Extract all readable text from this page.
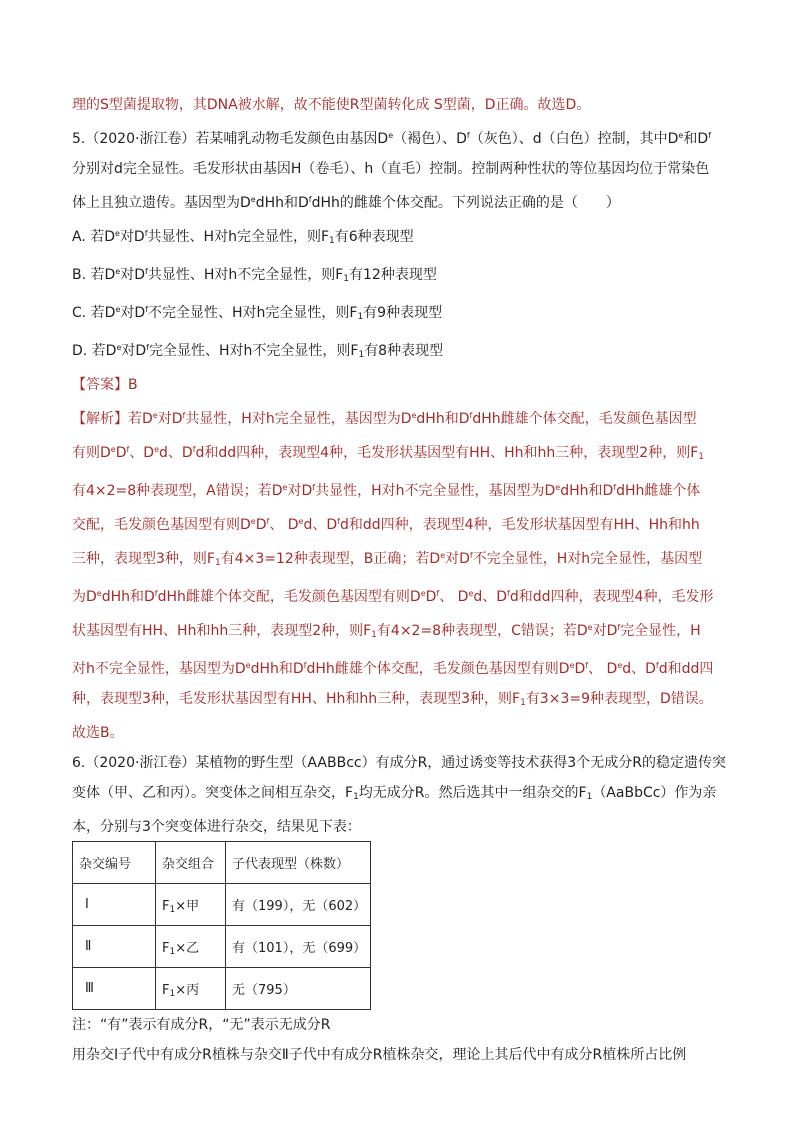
理的S型菌提取物，其DNA被水解，故不能使R型菌转化成 S型菌，D正确。故选D。
5.（2020·浙江卷）若某哺乳动物毛发颜色由基因De（褐色）、$D^f$（灰色）、d（白色）控制，其中De和$D^f$
分别对d完全显性。毛发形状由基因H（卷毛）、h（直毛）控制。控制两种性状的等位基因均位于常染色
体上且独立遗传。基因型为DedHh和$D^fdHh$的雌雄个体交配。下列说法正确的是（　　）
A. 若De对$D^f$共显性、H对h完全显性，则$F_1$有6种表现型
B. 若De对$D^f$共显性、H对h不完全显性，则$F_1$有12种表现型
C. 若De对$D^f$不完全显性、H对h完全显性，则$F_1$有9种表现型
D. 若De对$D^f$完全显性、H对h不完全显性，则$F_1$有8种表现型
【答案】B
【解析】若De对$D^f$共显性，H对h完全显性，基因型为DedHh和$D^fdHh$雌雄个体交配，毛发颜色基因型
有则$DeD^f$、Ded、$D^fd$和dd四种，表现型4种，毛发形状基因型有HH、Hh和hh三种，表现型2种，则$F_1$
有4×2=8种表现型，A错误；若De对$D^f$共显性，H对h不完全显性，基因型为DedHh和$D^fdHh$雌雄个体
交配，毛发颜色基因型有则$DeD^f$、 Ded、$D^fd$和dd四种，表现型4种，毛发形状基因型有HH、Hh和hh
三种，表现型3种，则$F_1$有4×3=12种表现型，B正确；若De对$D^f$不完全显性，H对h完全显性，基因型
为DedHh和$D^fdHh$雌雄个体交配，毛发颜色基因型有则$DeD^f$、 Ded、$D^fd$和dd四种，表现型4种，毛发形
状基因型有HH、Hh和hh三种，表现型2种，则$F_1$有4×2=8种表现型，C错误；若De对$D^f$完全显性，H
对h不完全显性，基因型为DedHh和$D^fdHh$雌雄个体交配，毛发颜色基因型有则$DeD^f$、 Ded、$D^fd$和dd四
种，表现型3种，毛发形状基因型有HH、Hh和hh三种，表现型3种，则$F_1$有3×3=9种表现型，D错误。
故选B。
6.（2020·浙江卷）某植物的野生型（AABBcc）有成分R，通过诱变等技术获得3个无成分R的稳定遗传突
变体（甲、乙和丙）。突变体之间相互杂交，$F_1$均无成分R。然后选其中一组杂交的$F_1(AaBbCc)$作为亲
本，分别与3个突变体进行杂交，结果见下表：
杂交编号	杂交组合	子代表现型（株数）
Ⅰ	$F_1\times$甲	有（199），无（602）
Ⅱ	$F_1\times$乙	有（101），无（699）
Ⅲ	$F_1\times$丙	无（795）
注：“有”表示有成分R，“无”表示无成分R
用杂交Ⅰ子代中有成分R植株与杂交Ⅱ子代中有成分R植株杂交，理论上其后代中有成分R植株所占比例
